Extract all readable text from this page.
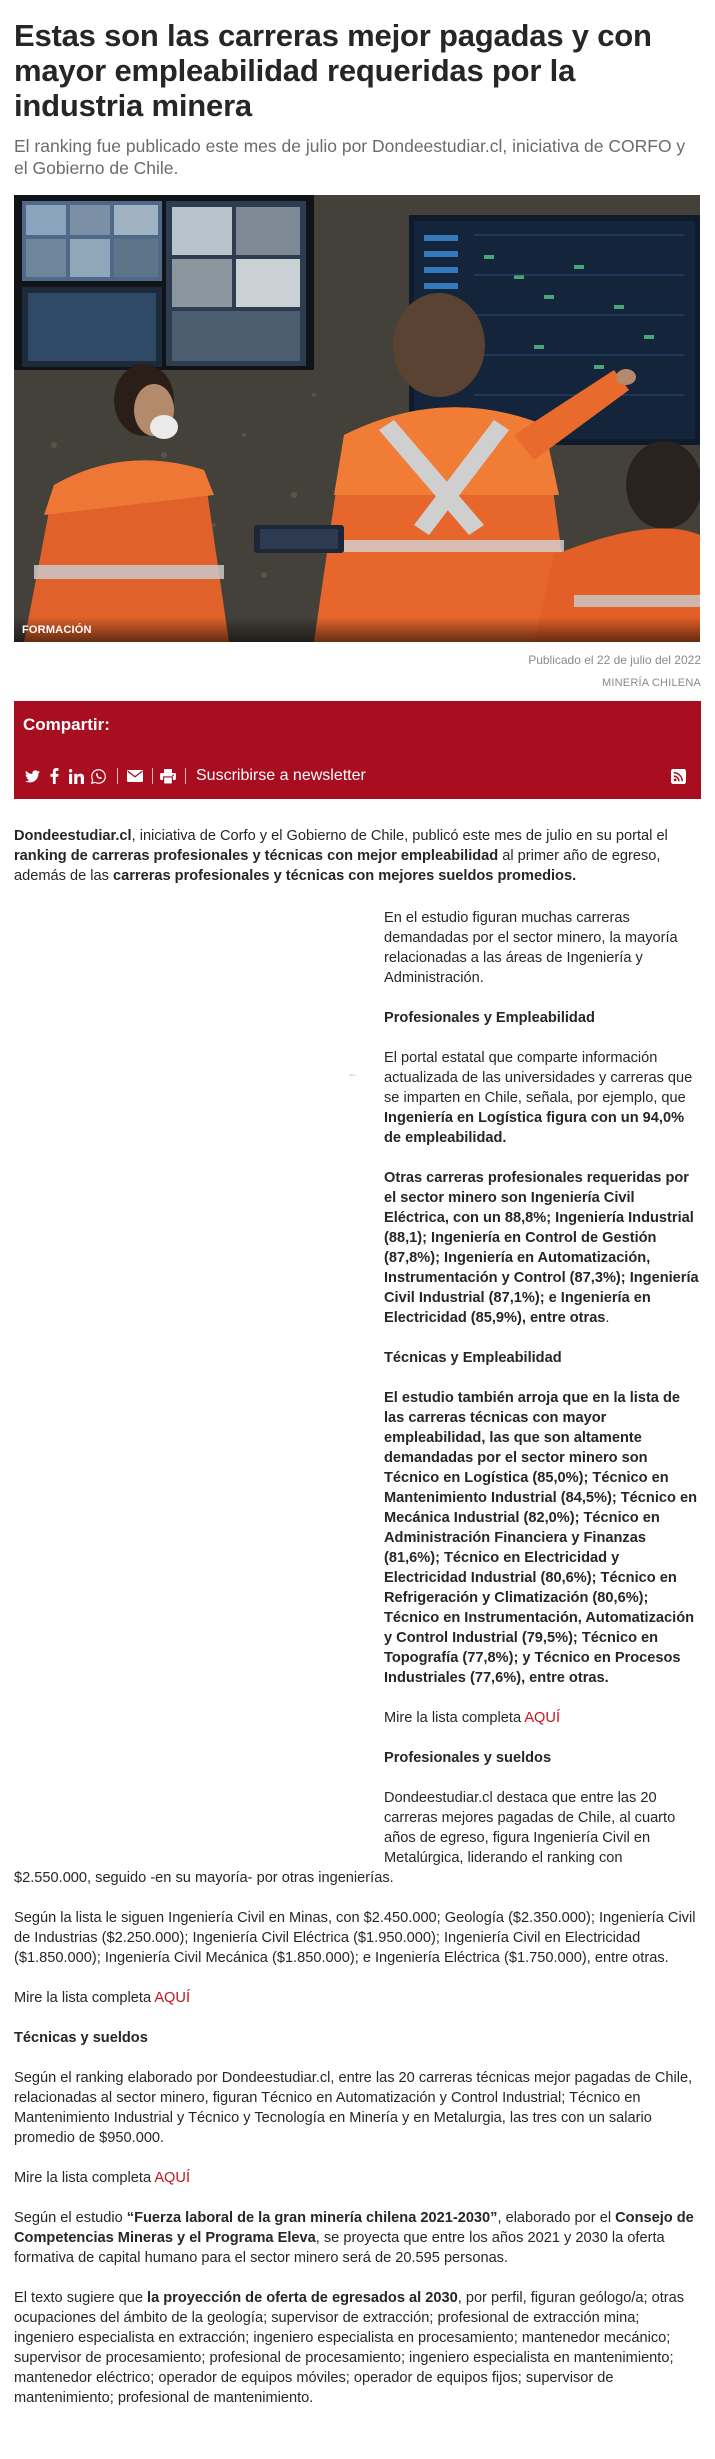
Estas son las carreras mejor pagadas y con mayor empleabilidad requeridas por la industria minera

El ranking fue publicado este mes de julio por Dondeestudiar.cl, iniciativa de CORFO y el Gobierno de Chile.

FORMACIÓN
Publicado el 22 de julio del 2022
MINERÍA CHILENA
Compartir:
Suscribirse a newsletter

Dondeestudiar.cl, iniciativa de Corfo y el Gobierno de Chile, publicó este mes de julio en su portal el ranking de carreras profesionales y técnicas con mejor empleabilidad al primer año de egreso, además de las carreras profesionales y técnicas con mejores sueldos promedios.

←

En el estudio figuran muchas carreras demandadas por el sector minero, la mayoría relacionadas a las áreas de Ingeniería y Administración.

Profesionales y Empleabilidad

El portal estatal que comparte información actualizada de las universidades y carreras que se imparten en Chile, señala, por ejemplo, que Ingeniería en Logística figura con un 94,0% de empleabilidad.

Otras carreras profesionales requeridas por el sector minero son Ingeniería Civil Eléctrica, con un 88,8%; Ingeniería Industrial (88,1); Ingeniería en Control de Gestión (87,8%); Ingeniería en Automatización, Instrumentación y Control (87,3%); Ingeniería Civil Industrial (87,1%); e Ingeniería en Electricidad (85,9%), entre otras.

Técnicas y Empleabilidad

El estudio también arroja que en la lista de las carreras técnicas con mayor empleabilidad, las que son altamente demandadas por el sector minero son Técnico en Logística (85,0%); Técnico en Mantenimiento Industrial (84,5%); Técnico en Mecánica Industrial (82,0%); Técnico en Administración Financiera y Finanzas (81,6%); Técnico en Electricidad y Electricidad Industrial (80,6%); Técnico en Refrigeración y Climatización (80,6%); Técnico en Instrumentación, Automatización y Control Industrial (79,5%); Técnico en Topografía (77,8%); y Técnico en Procesos Industriales (77,6%), entre otras.

Mire la lista completa AQUÍ

Profesionales y sueldos

Dondeestudiar.cl destaca que entre las 20 carreras mejores pagadas de Chile, al cuarto años de egreso, figura Ingeniería Civil en Metalúrgica, liderando el ranking con $2.550.000, seguido -en su mayoría- por otras ingenierías.

Según la lista le siguen Ingeniería Civil en Minas, con $2.450.000; Geología ($2.350.000); Ingeniería Civil de Industrias ($2.250.000); Ingeniería Civil Eléctrica ($1.950.000); Ingeniería Civil en Electricidad ($1.850.000); Ingeniería Civil Mecánica ($1.850.000); e Ingeniería Eléctrica ($1.750.000), entre otras.

Mire la lista completa AQUÍ

Técnicas y sueldos

Según el ranking elaborado por Dondeestudiar.cl, entre las 20 carreras técnicas mejor pagadas de Chile, relacionadas al sector minero, figuran Técnico en Automatización y Control Industrial; Técnico en Mantenimiento Industrial y Técnico y Tecnología en Minería y en Metalurgia, las tres con un salario promedio de $950.000.

Mire la lista completa AQUÍ

Según el estudio “Fuerza laboral de la gran minería chilena 2021-2030”, elaborado por el Consejo de Competencias Mineras y el Programa Eleva, se proyecta que entre los años 2021 y 2030 la oferta formativa de capital humano para el sector minero será de 20.595 personas.

El texto sugiere que la proyección de oferta de egresados al 2030, por perfil, figuran geólogo/a; otras ocupaciones del ámbito de la geología; supervisor de extracción; profesional de extracción mina; ingeniero especialista en extracción; ingeniero especialista en procesamiento; mantenedor mecánico; supervisor de procesamiento; profesional de procesamiento; ingeniero especialista en mantenimiento; mantenedor eléctrico; operador de equipos móviles; operador de equipos fijos; supervisor de mantenimiento; profesional de mantenimiento.
